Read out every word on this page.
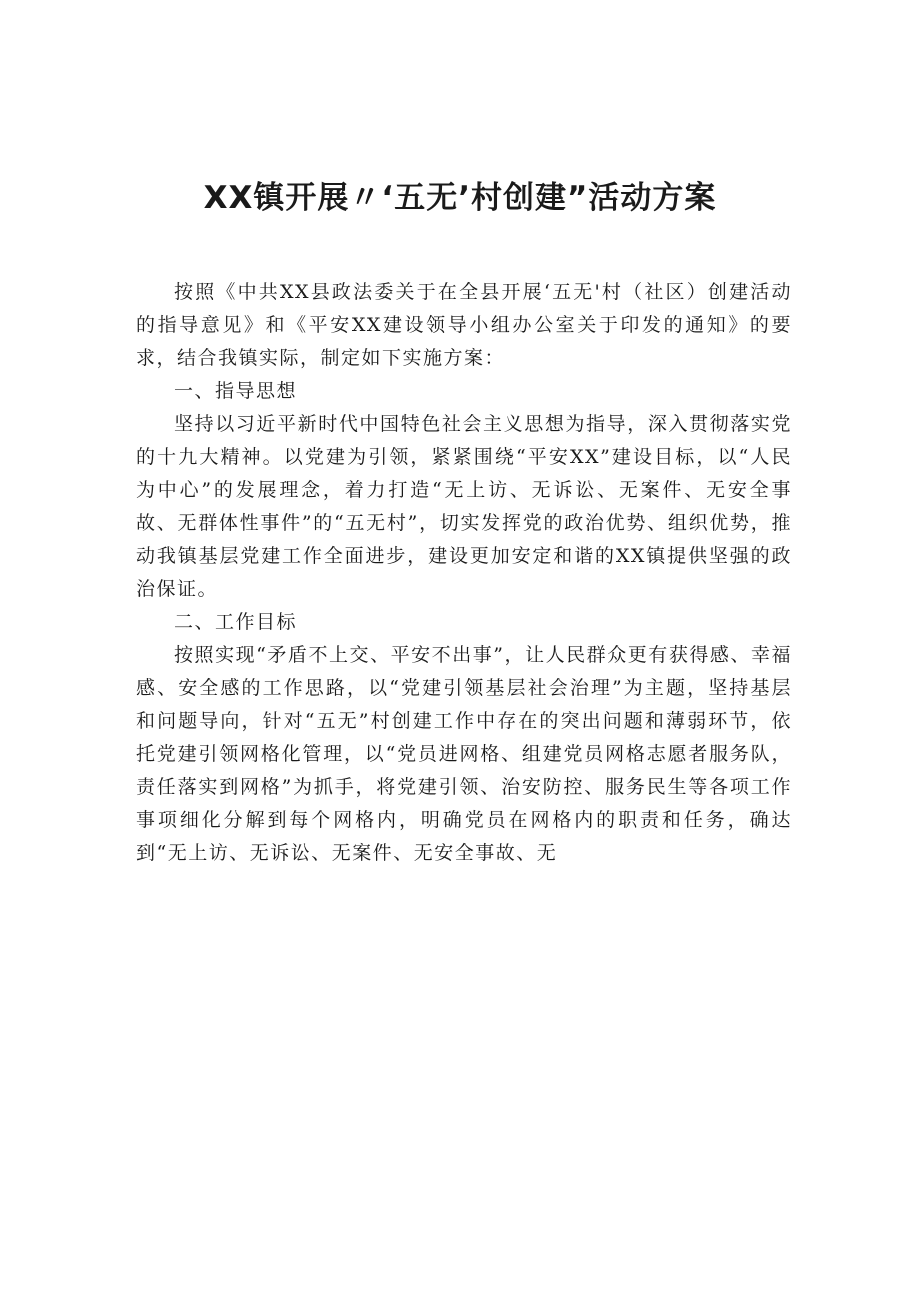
XX镇开展〃‘五无’村创建”活动方案

按照《中共XX县政法委关于在全县开展‘五无'村（社区）创建活动的指导意见》和《平安XX建设领导小组办公室关于印发的通知》的要求，结合我镇实际，制定如下实施方案：

一、指导思想

坚持以习近平新时代中国特色社会主义思想为指导，深入贯彻落实党的十九大精神。以党建为引领，紧紧围绕“平安XX”建设目标，以“人民为中心”的发展理念，着力打造“无上访、无诉讼、无案件、无安全事故、无群体性事件”的“五无村”，切实发挥党的政治优势、组织优势，推动我镇基层党建工作全面进步，建设更加安定和谐的XX镇提供坚强的政治保证。

二、工作目标

按照实现“矛盾不上交、平安不出事”，让人民群众更有获得感、幸福感、安全感的工作思路，以“党建引领基层社会治理”为主题，坚持基层和问题导向，针对“五无”村创建工作中存在的突出问题和薄弱环节，依托党建引领网格化管理，以“党员进网格、组建党员网格志愿者服务队，责任落实到网格”为抓手，将党建引领、治安防控、服务民生等各项工作事项细化分解到每个网格内，明确党员在网格内的职责和任务，确达到“无上访、无诉讼、无案件、无安全事故、无
